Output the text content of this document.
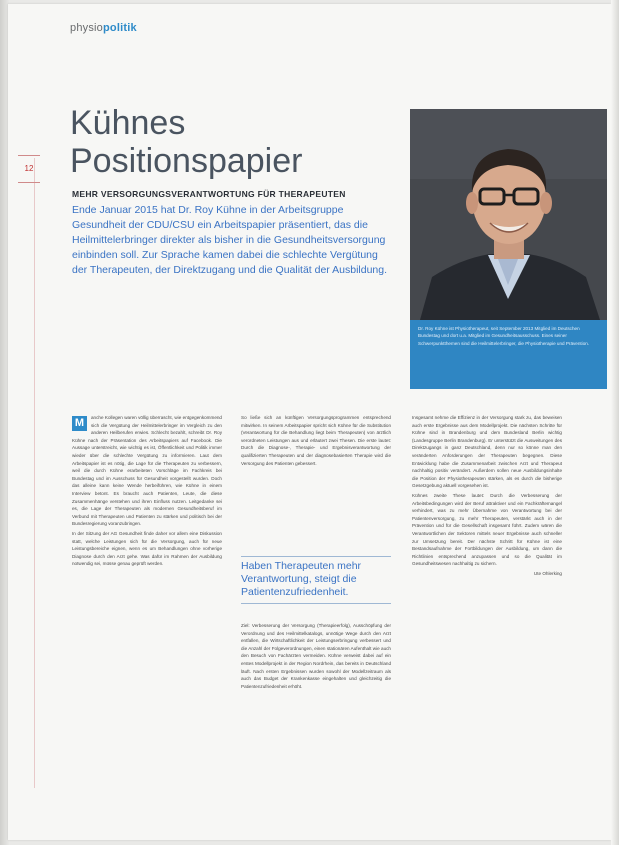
physiopolitik
12
Kühnes
Positionspapier
MEHR VERSORGUNGSVERANTWORTUNG FÜR THERAPEUTEN
Ende Januar 2015 hat Dr. Roy Kühne in der Arbeitsgruppe Gesundheit der CDU/CSU ein Arbeitspapier präsentiert, das die Heilmittelerbringer direkter als bisher in die Gesundheitsversorgung einbinden soll. Zur Sprache kamen dabei die schlechte Vergütung der Therapeuten, der Direktzugang und die Qualität der Ausbildung.
Dr. Roy Kühne ist Physiotherapeut, seit September 2013 Mitglied im Deutschen Bundestag und dort u.a. Mitglied im Gesundheitsausschuss. Eines seiner Schwerpunktthemen sind die Heilmittelerbringer, die Physiotherapie und Prävention.
M	anche Kollegen waren völlig überrascht, wie entgegenkommend sich die Vergütung der Heilmittelerbringer im Vergleich zu den anderen Heilberufen erwies. Schlecht bezahlt, schreibt Dr. Roy Kühne nach der Präsentation des Arbeitspapiers auf Facebook. Die Aussage unterstreicht, wie wichtig es ist, Öffentlichkeit und Politik immer wieder über die schlechte Vergütung zu informieren. Laut dem Arbeitspapier ist es nötig, die Lage für die Therapeuten zu verbessern, weil die durch Kühne erarbeiteten Vorschläge im Fachkreis bei Bundestag und im Ausschuss für Gesundheit vorgestellt wurden. Doch das alleine kann keine Wende herbeiführen, wie Kühne in einem Interview betont. Es braucht auch Patienten, Leute, die diese Zusammenhänge verstehen und ihren Einfluss nutzen. Leitgedanke sei es, die Lage der Therapeuten als modernen Gesundheitsberuf im Verbund mit Therapeuten und Patienten zu stärken und politisch bei der Bundesregierung voranzubringen.

In der Sitzung der AG Gesundheit finde daher vor allem eine Diskussion statt, welche Leistungen sich für die Versorgung, auch für neue Leistungsbereiche eignen, wenn es um Behandlungen ohne vorherige Diagnose durch den Arzt gehe. Was dafür im Rahmen der Ausbildung notwendig sei, müsse genau geprüft werden.

So ließe sich an künftigen Versorgungsprogrammen entsprechend mitwirken. In seinem Arbeitspapier spricht sich Kühne für die Substitution (Verantwortung für die Behandlung liegt beim Therapeuten) von ärztlich verordneten Leistungen aus und erläutert zwei Thesen. Die erste lautet: Durch die Diagnose-, Therapie- und Ergebnisverantwortung der qualifizierten Therapeuten und der diagnosebasierten Therapie wird die Versorgung des Patienten gebessert.

Haben Therapeuten mehr Verantwortung, steigt die Patientenzufriedenheit.

Ziel: Verbesserung der Versorgung (Therapieerfolg), Ausschöpfung der Verordnung und des Heilmittelkatalogs, unnötige Wege durch den Arzt entfallen, die Wirtschaftlichkeit der Leistungserbringung verbessert und die Anzahl der Folgeverordnungen, einen stationären Aufenthalt wie auch den Besuch von Fachärzten vermeiden. Kühne verweist dabei auf ein erstes Modellprojekt in der Region Nordrhein, das bereits in Deutschland läuft. Nach ersten Ergebnissen wurden sowohl der Modellzeitraum als auch das Budget der Krankenkasse eingehalten und gleichzeitig die Patientenzufriedenheit erhöht.

Insgesamt nehme die Effizienz in der Versorgung stark zu, das beweisen auch erste Ergebnisse aus dem Modellprojekt. Die nächsten Schritte für Kühne sind in Brandenburg und dem Bundesland Berlin wichtig (Landesgruppe Berlin Brandenburg). Er unterstützt die Ausweitungen des Direktzugangs in ganz Deutschland, denn nur so könne man den veränderten Anforderungen der Therapeuten begegnen. Diese Entwicklung habe die Zusammenarbeit zwischen Arzt und Therapeut nachhaltig positiv verändert. Außerdem sollen neue Ausbildungsinhalte die Position der Physiotherapeuten stärken, als es durch die bisherige Gesetzgebung aktuell vorgesehen ist.

Kühnes zweite These lautet: Durch die Verbesserung der Arbeitsbedingungen wird der Beruf attraktiver und ein Fachkräftemangel verhindert, was zu mehr Übernahme von Verantwortung bei der Patientenversorgung, zu mehr Therapeuten, verstärkt auch in der Prävention und für die Gesellschaft insgesamt führt. Zudem wären die Verantwortlichen der Sektoren mittels neuer Ergebnisse auch schneller zur Umsetzung bereit. Der nächste Schritt für Kühne ist eine Bestandsaufnahme der Fortbildungen der Ausbildung, um dann die Richtlinien entsprechend anzupassen und so die Qualität im Gesundheitswesen nachhaltig zu sichern.

Ute Ohlerking
